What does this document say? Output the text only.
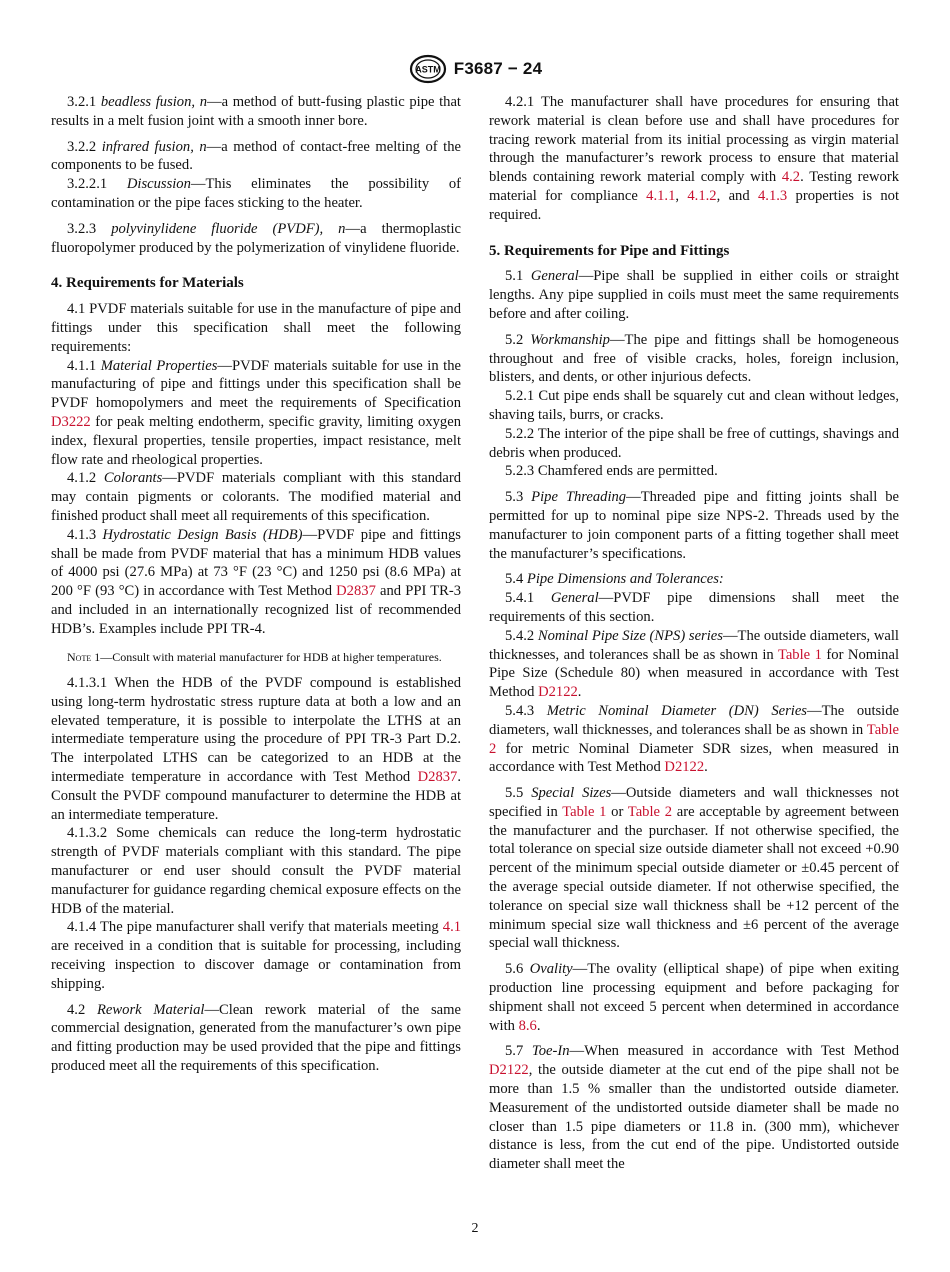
ASTM F3687 − 24

3.2.1 beadless fusion, n—a method of butt-fusing plastic pipe that results in a melt fusion joint with a smooth inner bore.

3.2.2 infrared fusion, n—a method of contact-free melting of the components to be fused.

3.2.2.1 Discussion—This eliminates the possibility of contamination or the pipe faces sticking to the heater.

3.2.3 polyvinylidene fluoride (PVDF), n—a thermoplastic fluoropolymer produced by the polymerization of vinylidene fluoride.

4. Requirements for Materials

4.1 PVDF materials suitable for use in the manufacture of pipe and fittings under this specification shall meet the following requirements:

4.1.1 Material Properties—PVDF materials suitable for use in the manufacturing of pipe and fittings under this specification shall be PVDF homopolymers and meet the requirements of Specification D3222 for peak melting endotherm, specific gravity, limiting oxygen index, flexural properties, tensile properties, impact resistance, melt flow rate and rheological properties.

4.1.2 Colorants—PVDF materials compliant with this standard may contain pigments or colorants. The modified material and finished product shall meet all requirements of this specification.

4.1.3 Hydrostatic Design Basis (HDB)—PVDF pipe and fittings shall be made from PVDF material that has a minimum HDB values of 4000 psi (27.6 MPa) at 73 °F (23 °C) and 1250 psi (8.6 MPa) at 200 °F (93 °C) in accordance with Test Method D2837 and PPI TR-3 and included in an internationally recognized list of recommended HDB’s. Examples include PPI TR-4.

Note 1—Consult with material manufacturer for HDB at higher temperatures.

4.1.3.1 When the HDB of the PVDF compound is established using long-term hydrostatic stress rupture data at both a low and an elevated temperature, it is possible to interpolate the LTHS at an intermediate temperature using the procedure of PPI TR-3 Part D.2. The interpolated LTHS can be categorized to an HDB at the intermediate temperature in accordance with Test Method D2837. Consult the PVDF compound manufacturer to determine the HDB at an intermediate temperature.

4.1.3.2 Some chemicals can reduce the long-term hydrostatic strength of PVDF materials compliant with this standard. The pipe manufacturer or end user should consult the PVDF material manufacturer for guidance regarding chemical exposure effects on the HDB of the material.

4.1.4 The pipe manufacturer shall verify that materials meeting 4.1 are received in a condition that is suitable for processing, including receiving inspection to discover damage or contamination from shipping.

4.2 Rework Material—Clean rework material of the same commercial designation, generated from the manufacturer’s own pipe and fitting production may be used provided that the pipe and fittings produced meet all the requirements of this specification.

4.2.1 The manufacturer shall have procedures for ensuring that rework material is clean before use and shall have procedures for tracing rework material from its initial processing as virgin material through the manufacturer’s rework process to ensure that material blends containing rework material comply with 4.2. Testing rework material for compliance 4.1.1, 4.1.2, and 4.1.3 properties is not required.

5. Requirements for Pipe and Fittings

5.1 General—Pipe shall be supplied in either coils or straight lengths. Any pipe supplied in coils must meet the same requirements before and after coiling.

5.2 Workmanship—The pipe and fittings shall be homogeneous throughout and free of visible cracks, holes, foreign inclusion, blisters, and dents, or other injurious defects.

5.2.1 Cut pipe ends shall be squarely cut and clean without ledges, shaving tails, burrs, or cracks.

5.2.2 The interior of the pipe shall be free of cuttings, shavings and debris when produced.

5.2.3 Chamfered ends are permitted.

5.3 Pipe Threading—Threaded pipe and fitting joints shall be permitted for up to nominal pipe size NPS-2. Threads used by the manufacturer to join component parts of a fitting together shall meet the manufacturer’s specifications.

5.4 Pipe Dimensions and Tolerances:

5.4.1 General—PVDF pipe dimensions shall meet the requirements of this section.

5.4.2 Nominal Pipe Size (NPS) series—The outside diameters, wall thicknesses, and tolerances shall be as shown in Table 1 for Nominal Pipe Size (Schedule 80) when measured in accordance with Test Method D2122.

5.4.3 Metric Nominal Diameter (DN) Series—The outside diameters, wall thicknesses, and tolerances shall be as shown in Table 2 for metric Nominal Diameter SDR sizes, when measured in accordance with Test Method D2122.

5.5 Special Sizes—Outside diameters and wall thicknesses not specified in Table 1 or Table 2 are acceptable by agreement between the manufacturer and the purchaser. If not otherwise specified, the total tolerance on special size outside diameter shall not exceed +0.90 percent of the minimum special outside diameter or ±0.45 percent of the average special outside diameter. If not otherwise specified, the tolerance on special size wall thickness shall be +12 percent of the minimum special size wall thickness and ±6 percent of the average special wall thickness.

5.6 Ovality—The ovality (elliptical shape) of pipe when exiting production line processing equipment and before packaging for shipment shall not exceed 5 percent when determined in accordance with 8.6.

5.7 Toe-In—When measured in accordance with Test Method D2122, the outside diameter at the cut end of the pipe shall not be more than 1.5 % smaller than the undistorted outside diameter. Measurement of the undistorted outside diameter shall be made no closer than 1.5 pipe diameters or 11.8 in. (300 mm), whichever distance is less, from the cut end of the pipe. Undistorted outside diameter shall meet the

2
